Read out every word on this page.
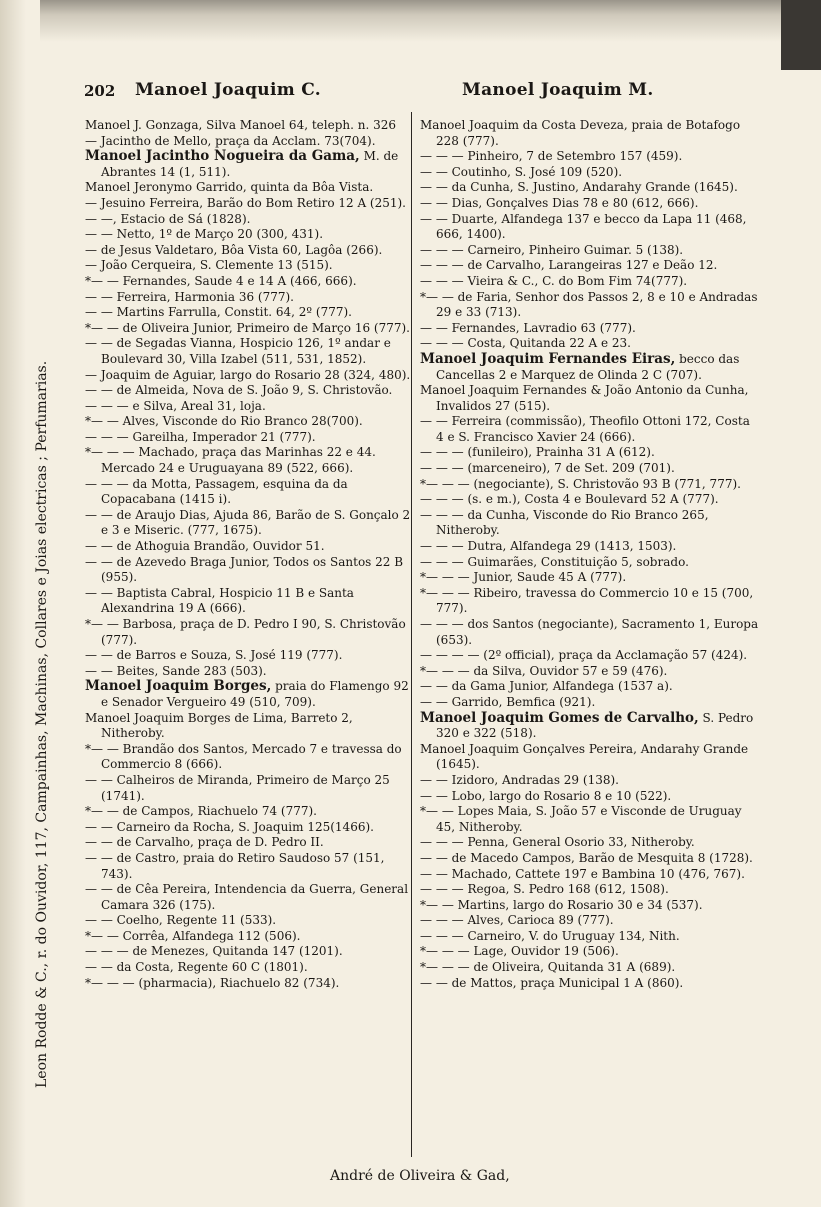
202 Manoel Joaquim C.	Manoel Joaquim M.
Leon Rodde & C., r. do Ouvidor, 117, Campainhas, Machinas, Collares e Joias electricas ; Perfumarias.

Manoel J. Gonzaga, Silva Manoel 64, teleph. n. 326

— Jacintho de Mello, praça da Acclam. 73(704).

Manoel Jacintho Nogueira da Gama, M. de Abrantes 14 (1, 511).

Manoel Jeronymo Garrido, quinta da Bôa Vista.

— Jesuino Ferreira, Barão do Bom Retiro 12 A (251).

— —, Estacio de Sá (1828).

— — Netto, 1º de Março 20 (300, 431).

— de Jesus Valdetaro, Bôa Vista 60, Lagôa (266).

— João Cerqueira, S. Clemente 13 (515).

*— — Fernandes, Saude 4 e 14 A (466, 666).

— — Ferreira, Harmonia 36 (777).

— — Martins Farrulla, Constit. 64, 2º (777).

*— — de Oliveira Junior, Primeiro de Março 16 (777).

— — de Segadas Vianna, Hospicio 126, 1º andar e Boulevard 30, Villa Izabel (511, 531, 1852).

— Joaquim de Aguiar, largo do Rosario 28 (324, 480).

— — de Almeida, Nova de S. João 9, S. Christovão.

— — — e Silva, Areal 31, loja.

*— — Alves, Visconde do Rio Branco 28(700).

— — — Gareilha, Imperador 21 (777).

*— — — Machado, praça das Marinhas 22 e 44. Mercado 24 e Uruguayana 89 (522, 666).

— — — da Motta, Passagem, esquina da da Copacabana (1415 i).

— — de Araujo Dias, Ajuda 86, Barão de S. Gonçalo 2 e 3 e Miseric. (777, 1675).

— — de Athoguia Brandão, Ouvidor 51.

— — de Azevedo Braga Junior, Todos os Santos 22 B (955).

— — Baptista Cabral, Hospicio 11 B e Santa Alexandrina 19 A (666).

*— — Barbosa, praça de D. Pedro I 90, S. Christovão (777).

— — de Barros e Souza, S. José 119 (777).

— — Beites, Sande 283 (503).

Manoel Joaquim Borges, praia do Flamengo 92 e Senador Vergueiro 49 (510, 709).

Manoel Joaquim Borges de Lima, Barreto 2, Nitheroby.

*— — Brandão dos Santos, Mercado 7 e travessa do Commercio 8 (666).

— — Calheiros de Miranda, Primeiro de Março 25 (1741).

*— — de Campos, Riachuelo 74 (777).

— — Carneiro da Rocha, S. Joaquim 125(1466).

— — de Carvalho, praça de D. Pedro II.

— — de Castro, praia do Retiro Saudoso 57 (151, 743).

— — de Cêa Pereira, Intendencia da Guerra, General Camara 326 (175).

— — Coelho, Regente 11 (533).

*— — Corrêa, Alfandega 112 (506).

— — — de Menezes, Quitanda 147 (1201).

— — da Costa, Regente 60 C (1801).

*— — — (pharmacia), Riachuelo 82 (734).

Manoel Joaquim da Costa Deveza, praia de Botafogo 228 (777).

— — — Pinheiro, 7 de Setembro 157 (459).

— — Coutinho, S. José 109 (520).

— — da Cunha, S. Justino, Andarahy Grande (1645).

— — Dias, Gonçalves Dias 78 e 80 (612, 666).

— — Duarte, Alfandega 137 e becco da Lapa 11 (468, 666, 1400).

— — — Carneiro, Pinheiro Guimar. 5 (138).

— — — de Carvalho, Larangeiras 127 e Deão 12.

— — — Vieira & C., C. do Bom Fim 74(777).

*— — de Faria, Senhor dos Passos 2, 8 e 10 e Andradas 29 e 33 (713).

— — Fernandes, Lavradio 63 (777).

— — — Costa, Quitanda 22 A e 23.

Manoel Joaquim Fernandes Eiras, becco das Cancellas 2 e Marquez de Olinda 2 C (707).

Manoel Joaquim Fernandes & João Antonio da Cunha, Invalidos 27 (515).

— — Ferreira (commissão), Theofilo Ottoni 172, Costa 4 e S. Francisco Xavier 24 (666).

— — — (funileiro), Prainha 31 A (612).

— — — (marceneiro), 7 de Set. 209 (701).

*— — — (negociante), S. Christovão 93 B (771, 777).

— — — (s. e m.), Costa 4 e Boulevard 52 A (777).

— — — da Cunha, Visconde do Rio Branco 265, Nitheroby.

— — — Dutra, Alfandega 29 (1413, 1503).

— — — Guimarães, Constituição 5, sobrado.

*— — — Junior, Saude 45 A (777).

*— — — Ribeiro, travessa do Commercio 10 e 15 (700, 777).

— — — dos Santos (negociante), Sacramento 1, Europa (653).

— — — — (2º official), praça da Acclamação 57 (424).

*— — — da Silva, Ouvidor 57 e 59 (476).

— — da Gama Junior, Alfandega (1537 a).

— — Garrido, Bemfica (921).

Manoel Joaquim Gomes de Carvalho, S. Pedro 320 e 322 (518).

Manoel Joaquim Gonçalves Pereira, Andarahy Grande (1645).

— — Izidoro, Andradas 29 (138).

— — Lobo, largo do Rosario 8 e 10 (522).

*— — Lopes Maia, S. João 57 e Visconde de Uruguay 45, Nitheroby.

— — — Penna, General Osorio 33, Nitheroby.

— — de Macedo Campos, Barão de Mesquita 8 (1728).

— — Machado, Cattete 197 e Bambina 10 (476, 767).

— — — Regoa, S. Pedro 168 (612, 1508).

*— — Martins, largo do Rosario 30 e 34 (537).

— — — Alves, Carioca 89 (777).

— — — Carneiro, V. do Uruguay 134, Nith.

*— — — Lage, Ouvidor 19 (506).

*— — — de Oliveira, Quitanda 31 A (689).

— — de Mattos, praça Municipal 1 A (860).

André de Oliveira & Gad,
